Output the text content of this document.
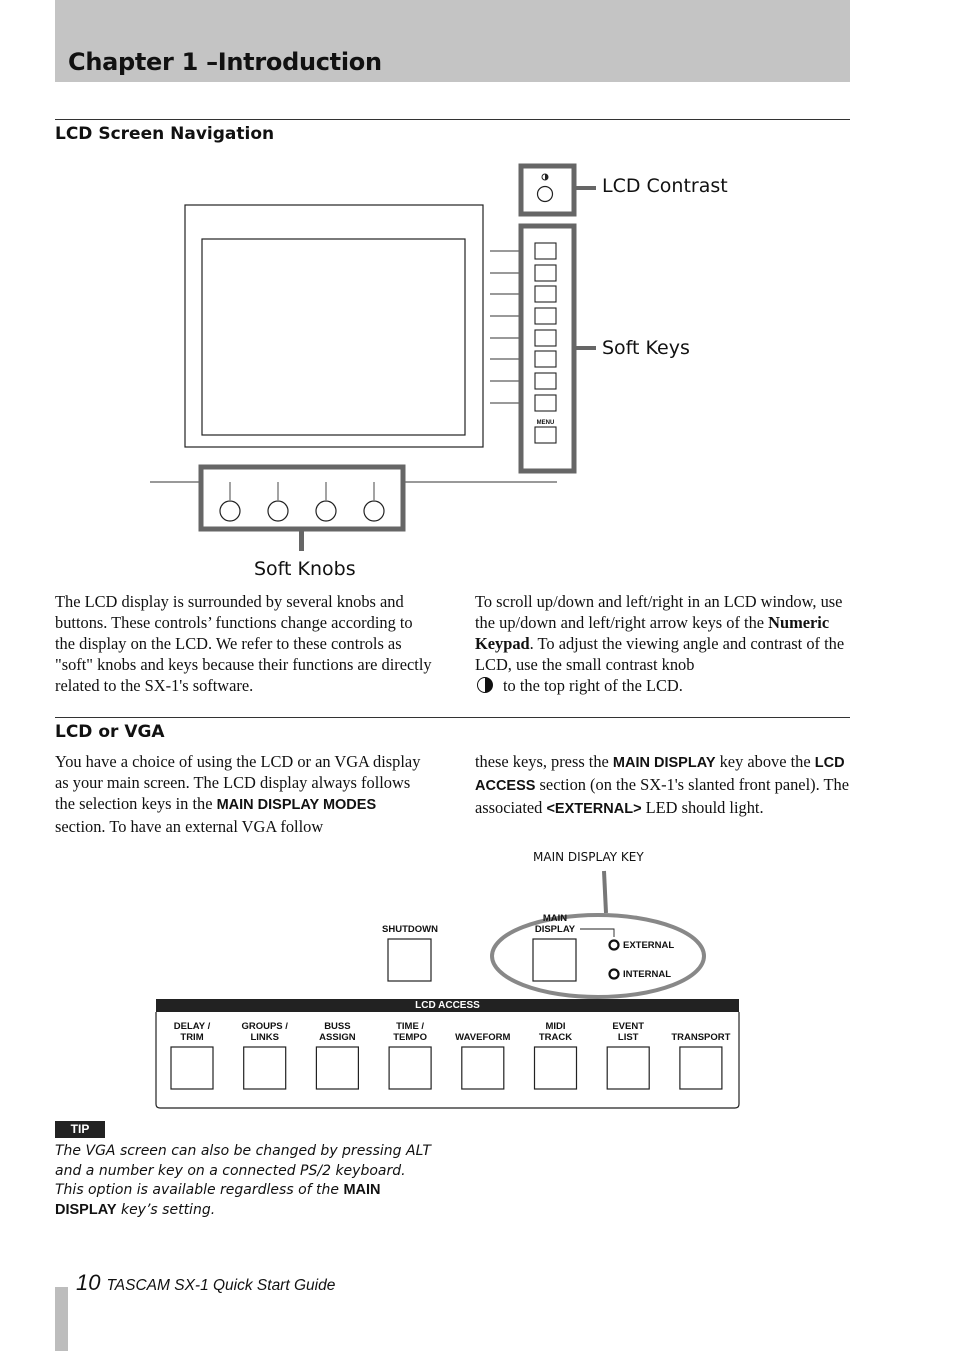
Chapter 1 –Introduction
LCD Screen Navigation
MENU
LCD Contrast
Soft Keys
Soft Knobs
The LCD display is surrounded by several knobs and buttons. These controls’ functions change according to the display on the LCD. We refer to these controls as "soft" knobs and keys because their functions are directly related to the SX-1's software.
To scroll up/down and left/right in an LCD window, use the up/down and left/right arrow keys of the Numeric Keypad. To adjust the viewing angle and contrast of the LCD, use the small contrast knob
to the top right of the LCD.
LCD or VGA
You have a choice of using the LCD or an VGA display as your main screen. The LCD display always follows the selection keys in the MAIN DISPLAY MODES section. To have an external VGA follow
these keys, press the MAIN DISPLAY key above the LCD ACCESS section (on the SX-1's slanted front panel). The associated <EXTERNAL> LED should light.
MAIN DISPLAY KEY
SHUTDOWN
MAIN
DISPLAY
EXTERNAL
INTERNAL
LCD ACCESS
DELAY /
TRIM
GROUPS /
LINKS
BUSS
ASSIGN
TIME /
TEMPO	WAVEFORM
MIDI
TRACK
EVENT
LIST	TRANSPORT
TIP
The VGA screen can also be changed by pressing ALT and a number key on a connected PS/2 keyboard. This option is available regardless of the MAIN DISPLAY key’s setting.
10 TASCAM SX-1 Quick Start Guide
